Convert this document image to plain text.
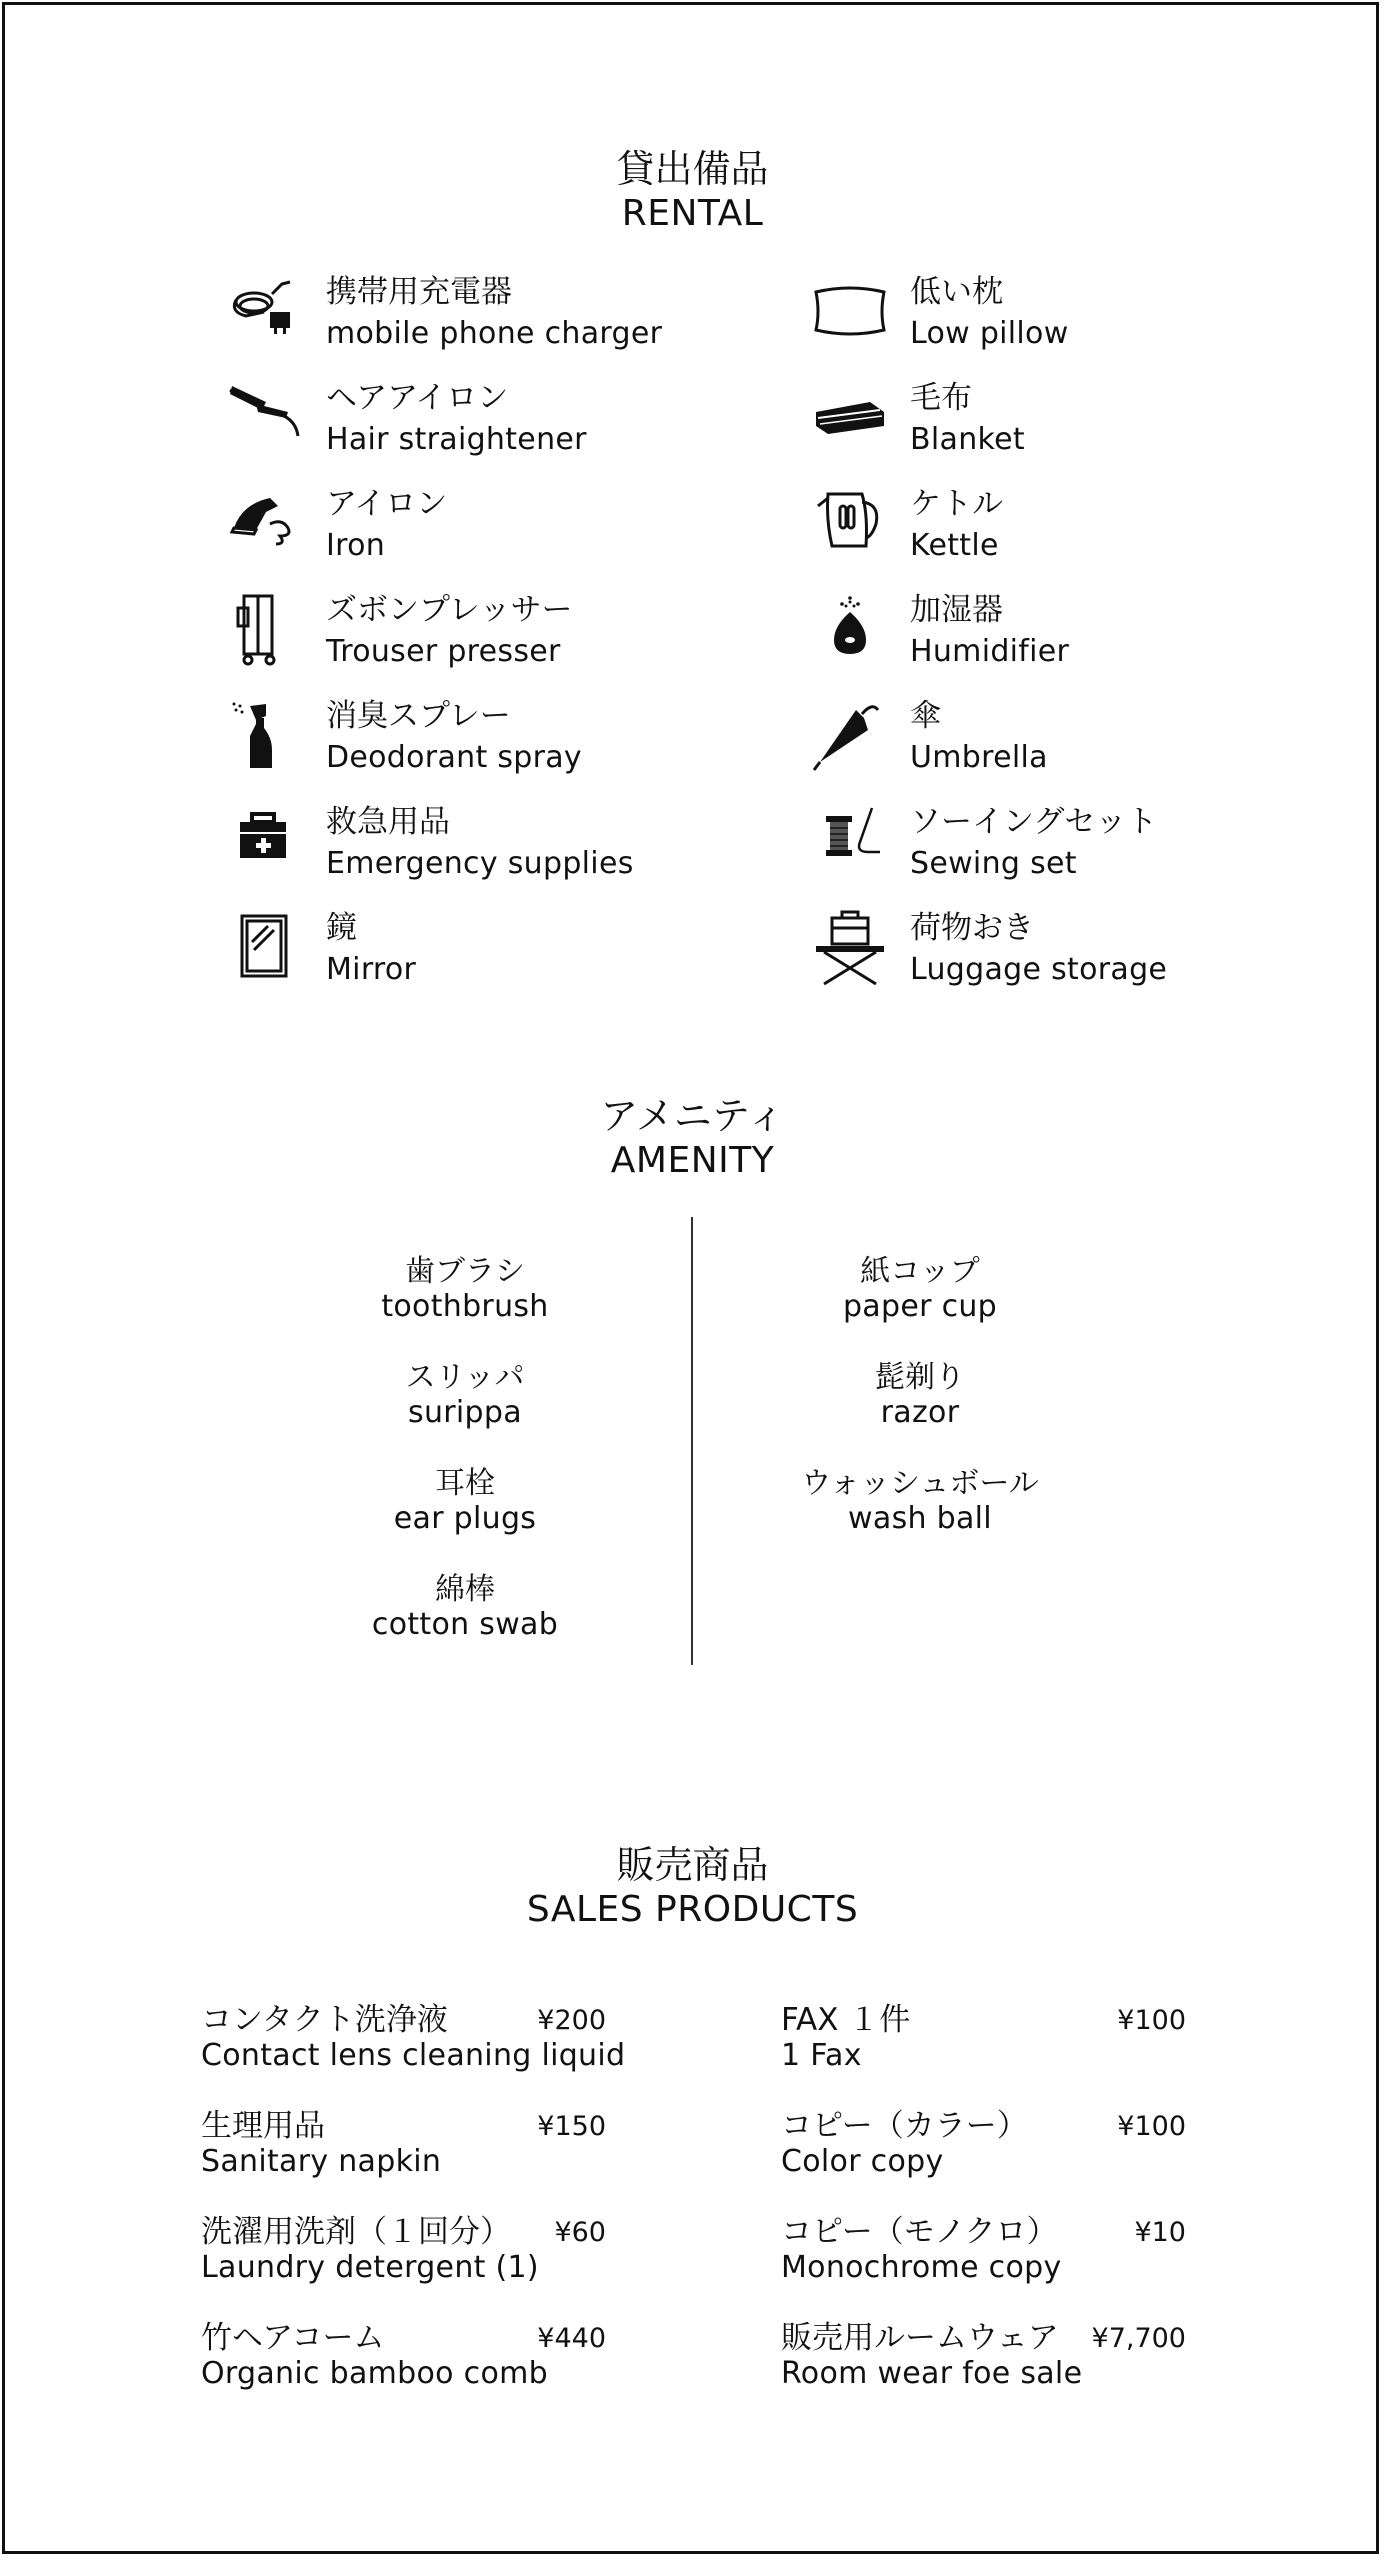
貸出備品
RENTAL
携帯用充電器
mobile phone charger
ヘアアイロン
Hair straightener
アイロン
Iron
ズボンプレッサー
Trouser presser
消臭スプレー
Deodorant spray
救急用品
Emergency supplies
鏡
Mirror
低い枕
Low pillow
毛布
Blanket
ケトル
Kettle
加湿器
Humidifier
傘
Umbrella
ソーイングセット
Sewing set
荷物おき
Luggage storage
アメニティ
AMENITY
歯ブラシ
toothbrush
スリッパ
surippa
耳栓
ear plugs
綿棒
cotton swab
紙コップ
paper cup
髭剃り
razor
ウォッシュボール
wash ball
販売商品
SALES PRODUCTS
コンタクト洗浄液	¥200
Contact lens cleaning liquid
生理用品	¥150
Sanitary napkin
洗濯用洗剤（１回分） ¥60
Laundry detergent (1)
竹ヘアコーム	¥440
Organic bamboo comb
FAX １件	¥100
1 Fax
コピー（カラー）	¥100
Color copy
コピー（モノクロ）	¥10
Monochrome copy
販売用ルームウェア ¥7,700
Room wear foe sale
